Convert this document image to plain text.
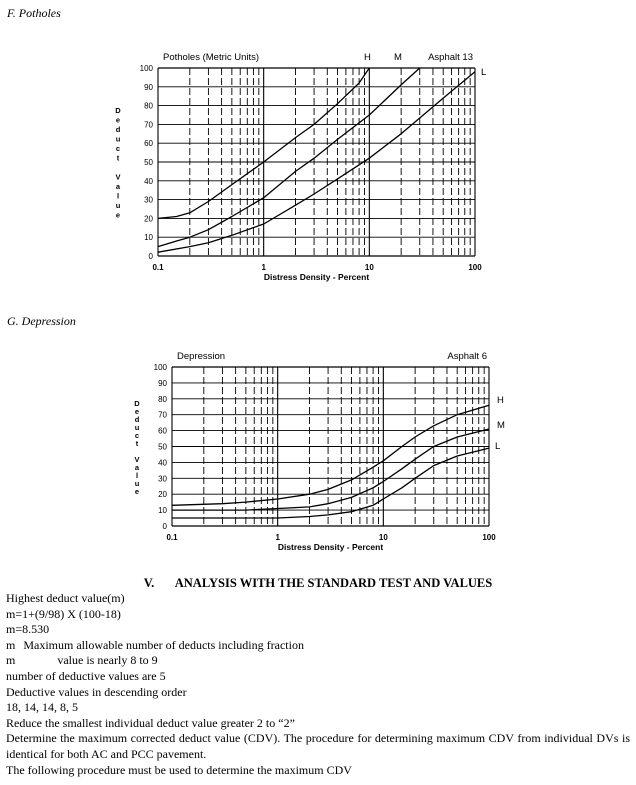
F. Potholes
G. Depression
0
10
20
30
40
50
60
70
80
90
100
0.1	1	10	100
Potholes (Metric Units)	Asphalt 13
Distress Density - Percent
D
e
d
u
c
t
V
a
l
u
e
H M
L
0
10
20
30
40
50
60
70
80
90
100
0.1	1	10	100
Depression	Asphalt 6
Distress Density - Percent
D
e
d
u
c
t
V
a
l
u
e
H
M
L
V. ANALYSIS WITH THE STANDARD TEST AND VALUES
Highest deduct value(m)
m=1+(9/98) X (100-18)
m=8.530
m Maximum allowable number of deducts including fraction
m	value is nearly 8 to 9
number of deductive values are 5
Deductive values in descending order
18, 14, 14, 8, 5
Reduce the smallest individual deduct value greater 2 to “2”
Determine the maximum corrected deduct value (CDV). The procedure for determining maximum CDV from individual DVs is identical for both AC and PCC pavement.
The following procedure must be used to determine the maximum CDV
